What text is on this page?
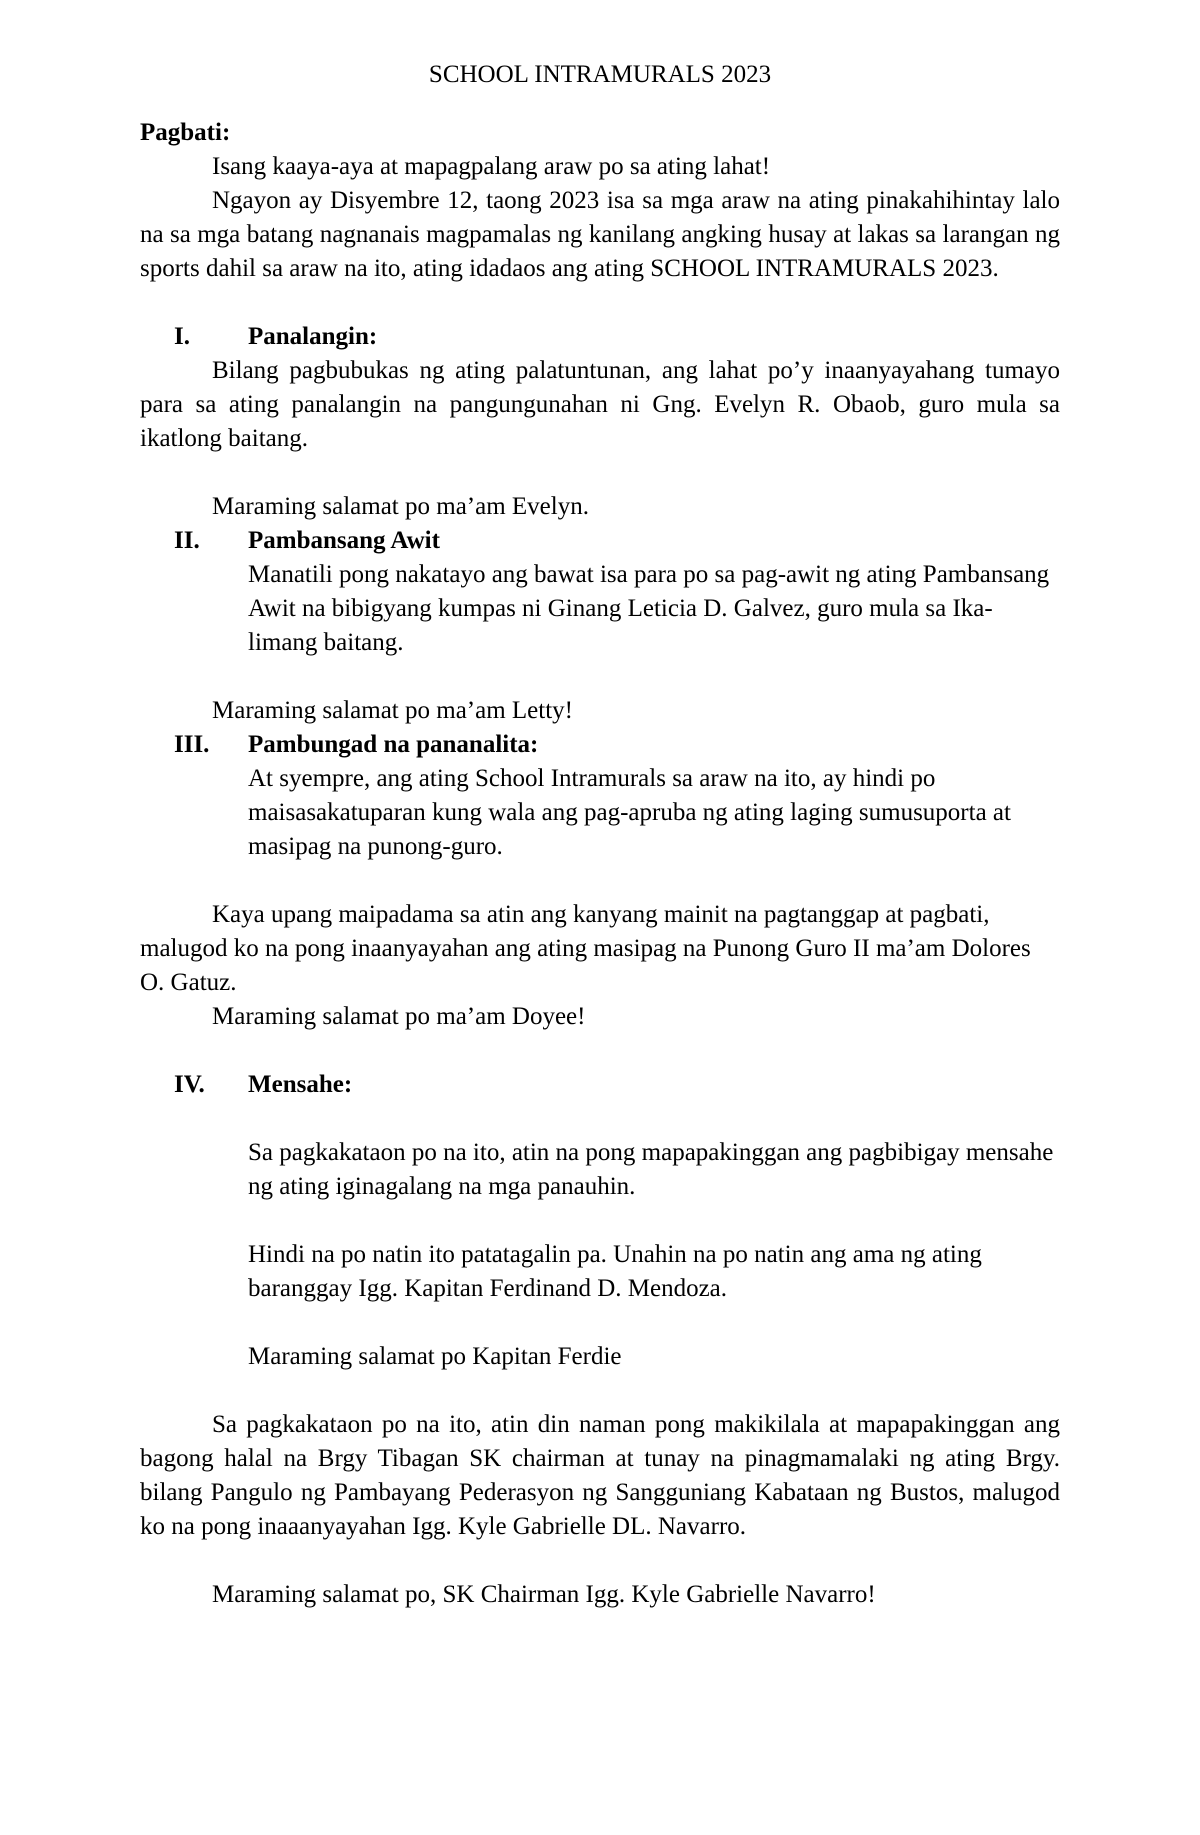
SCHOOL INTRAMURALS 2023

Pagbati:

Isang kaaya-aya at mapagpalang araw po sa ating lahat!

Ngayon ay Disyembre 12, taong 2023 isa sa mga araw na ating pinakahihintay lalo na sa mga batang nagnanais magpamalas ng kanilang angking husay at lakas sa larangan ng sports dahil sa araw na ito, ating idadaos ang ating SCHOOL INTRAMURALS 2023.

I.	Panalangin:

Bilang pagbubukas ng ating palatuntunan, ang lahat po’y inaanyayahang tumayo para sa ating panalangin na pangungunahan ni Gng. Evelyn R. Obaob, guro mula sa ikatlong baitang.

Maraming salamat po ma’am Evelyn.

II.	Pambansang Awit

Manatili pong nakatayo ang bawat isa para po sa pag-awit ng ating Pambansang Awit na bibigyang kumpas ni Ginang Leticia D. Galvez, guro mula sa Ika-limang baitang.

Maraming salamat po ma’am Letty!

III.	Pambungad na pananalita:

At syempre, ang ating School Intramurals sa araw na ito, ay hindi po maisasakatuparan kung wala ang pag-apruba ng ating laging sumusuporta at masipag na punong-guro.

Kaya upang maipadama sa atin ang kanyang mainit na pagtanggap at pagbati, malugod ko na pong inaanyayahan ang ating masipag na Punong Guro II ma’am Dolores O. Gatuz.

Maraming salamat po ma’am Doyee!

IV.	Mensahe:

Sa pagkakataon po na ito, atin na pong mapapakinggan ang pagbibigay mensahe ng ating iginagalang na mga panauhin.

Hindi na po natin ito patatagalin pa. Unahin na po natin ang ama ng ating baranggay Igg. Kapitan Ferdinand D. Mendoza.

Maraming salamat po Kapitan Ferdie

Sa pagkakataon po na ito, atin din naman pong makikilala at mapapakinggan ang bagong halal na Brgy Tibagan SK chairman at tunay na pinagmamalaki ng ating Brgy. bilang Pangulo ng Pambayang Pederasyon ng Sangguniang Kabataan ng Bustos, malugod ko na pong inaaanyayahan Igg. Kyle Gabrielle DL. Navarro.

Maraming salamat po, SK Chairman Igg. Kyle Gabrielle Navarro!
